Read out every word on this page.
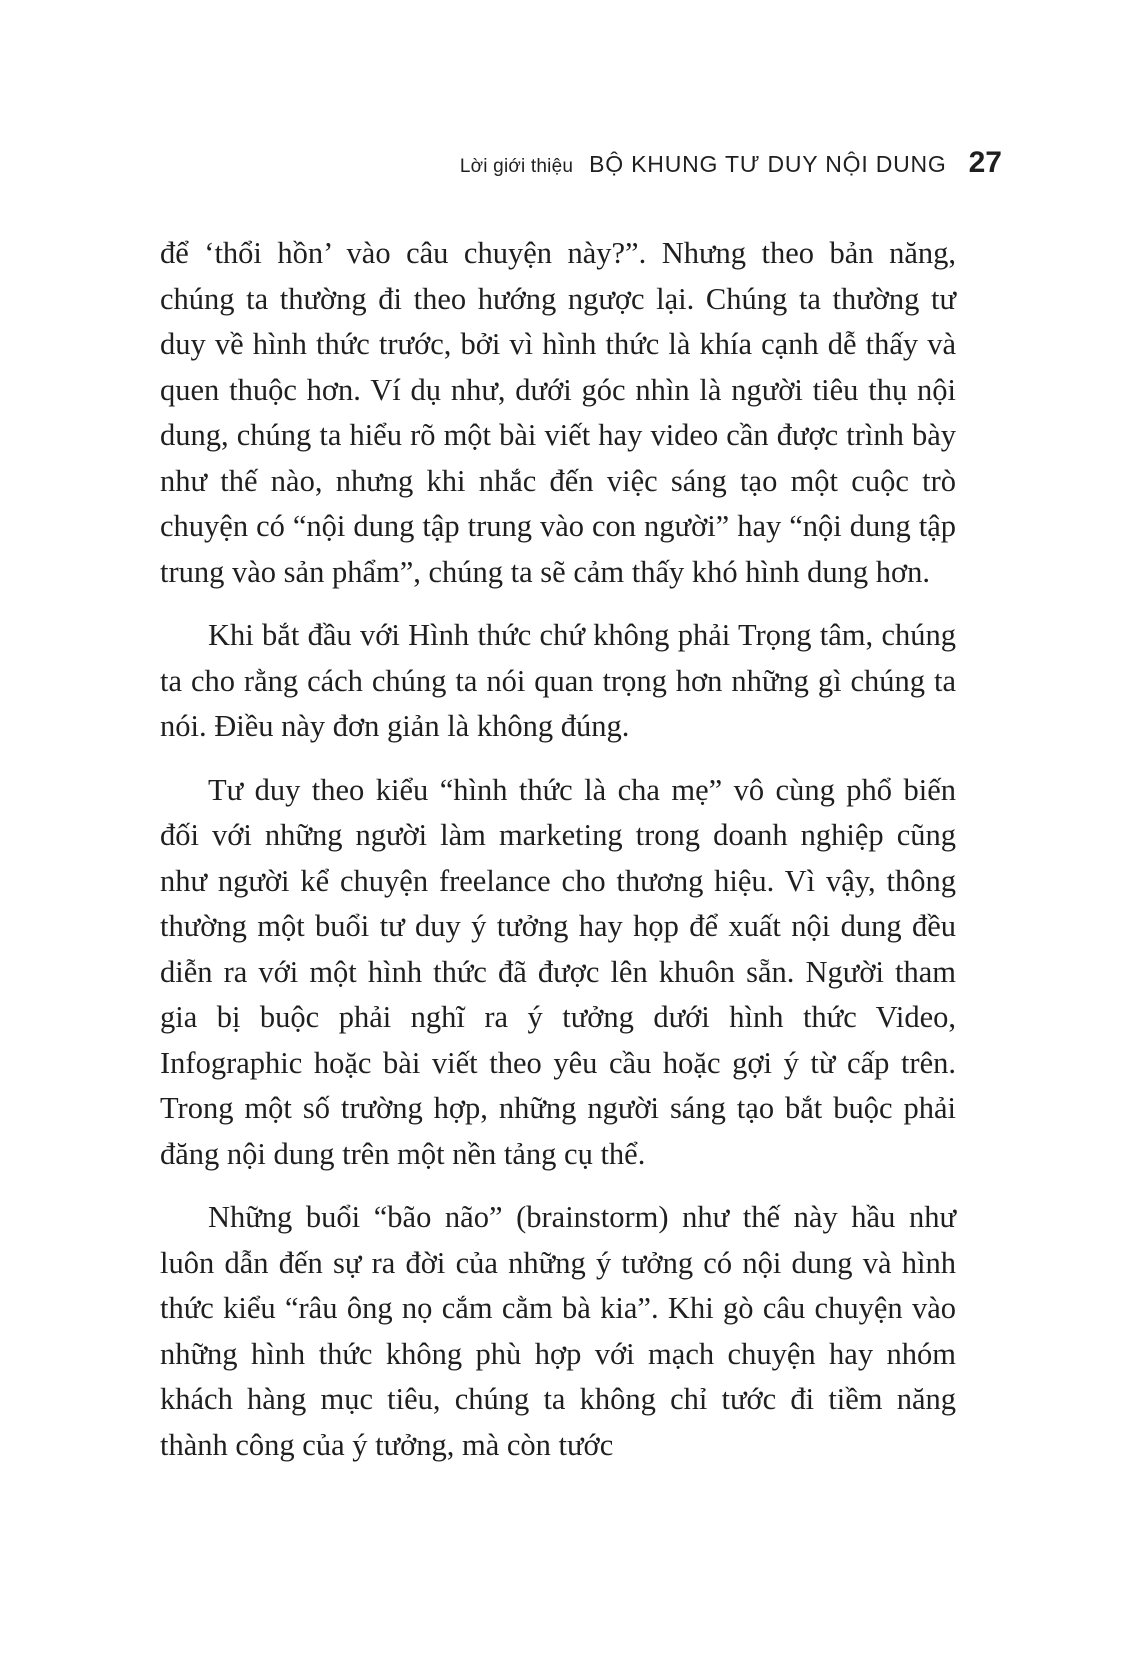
Lời giới thiệu BỘ KHUNG TƯ DUY NỘI DUNG 27

để ‘thổi hồn’ vào câu chuyện này?”. Nhưng theo bản năng, chúng ta thường đi theo hướng ngược lại. Chúng ta thường tư duy về hình thức trước, bởi vì hình thức là khía cạnh dễ thấy và quen thuộc hơn. Ví dụ như, dưới góc nhìn là người tiêu thụ nội dung, chúng ta hiểu rõ một bài viết hay video cần được trình bày như thế nào, nhưng khi nhắc đến việc sáng tạo một cuộc trò chuyện có “nội dung tập trung vào con người” hay “nội dung tập trung vào sản phẩm”, chúng ta sẽ cảm thấy khó hình dung hơn.

Khi bắt đầu với Hình thức chứ không phải Trọng tâm, chúng ta cho rằng cách chúng ta nói quan trọng hơn những gì chúng ta nói. Điều này đơn giản là không đúng.

Tư duy theo kiểu “hình thức là cha mẹ” vô cùng phổ biến đối với những người làm marketing trong doanh nghiệp cũng như người kể chuyện freelance cho thương hiệu. Vì vậy, thông thường một buổi tư duy ý tưởng hay họp để xuất nội dung đều diễn ra với một hình thức đã được lên khuôn sẵn. Người tham gia bị buộc phải nghĩ ra ý tưởng dưới hình thức Video, Infographic hoặc bài viết theo yêu cầu hoặc gợi ý từ cấp trên. Trong một số trường hợp, những người sáng tạo bắt buộc phải đăng nội dung trên một nền tảng cụ thể.

Những buổi “bão não” (brainstorm) như thế này hầu như luôn dẫn đến sự ra đời của những ý tưởng có nội dung và hình thức kiểu “râu ông nọ cắm cằm bà kia”. Khi gò câu chuyện vào những hình thức không phù hợp với mạch chuyện hay nhóm khách hàng mục tiêu, chúng ta không chỉ tước đi tiềm năng thành công của ý tưởng, mà còn tước
